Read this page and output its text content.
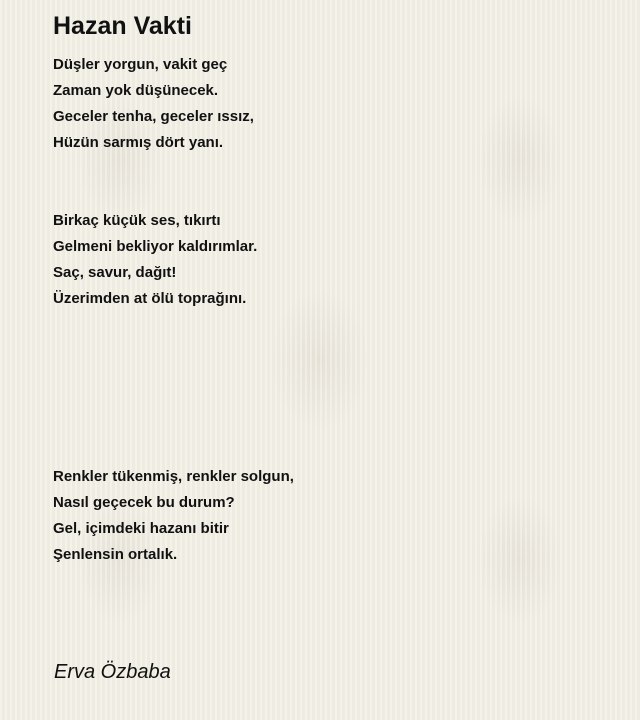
Hazan Vakti
Düşler yorgun, vakit geç
Zaman yok düşünecek.
Geceler tenha, geceler ıssız,
Hüzün sarmış dört yanı.
Birkaç küçük ses, tıkırtı
Gelmeni bekliyor kaldırımlar.
Saç, savur, dağıt!
Üzerimden at ölü toprağını.
Renkler tükenmiş, renkler solgun,
Nasıl geçecek bu durum?
Gel, içimdeki hazanı bitir
Şenlensin ortalık.

Erva Özbaba
